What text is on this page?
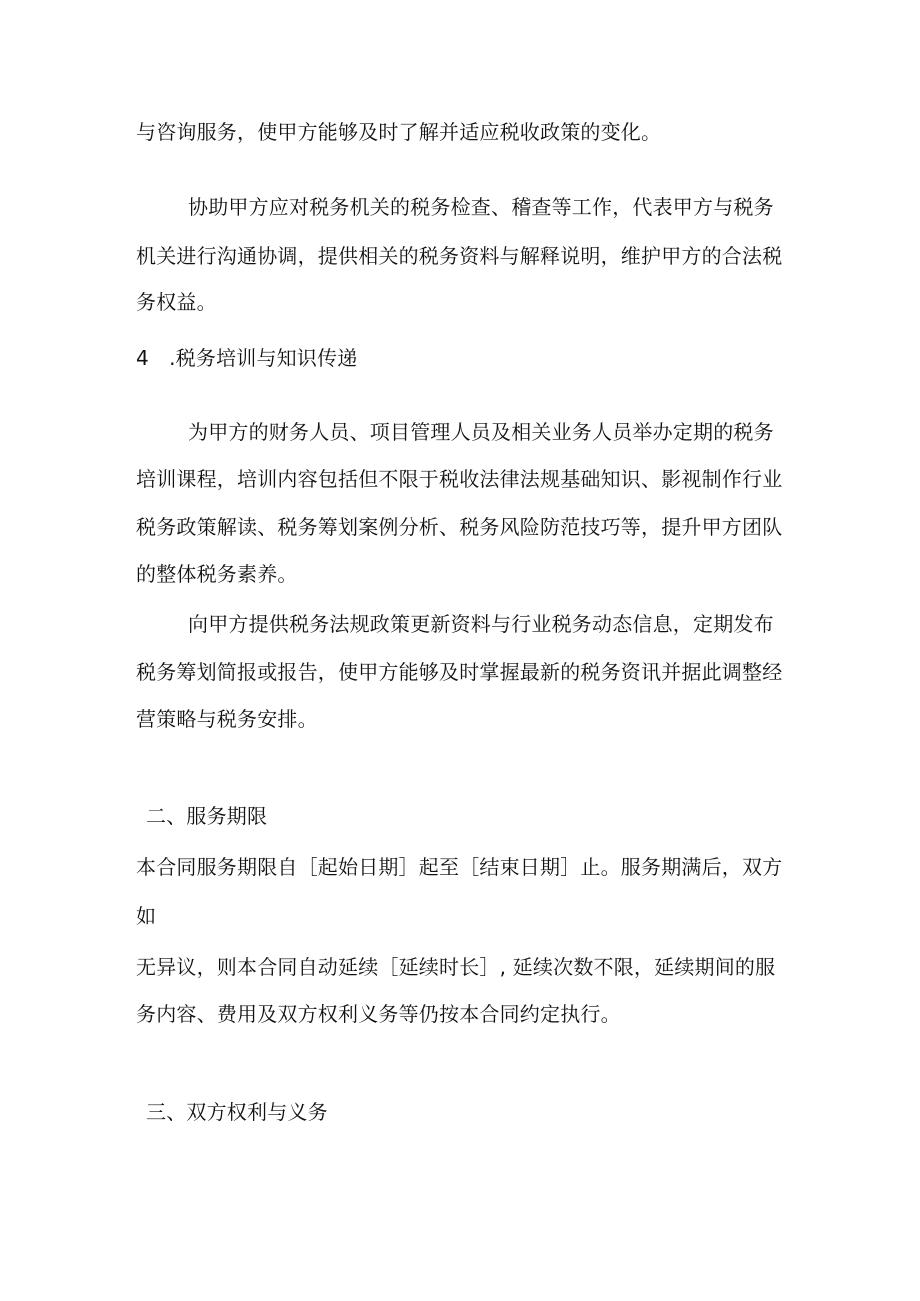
与咨询服务，使甲方能够及时了解并适应税收政策的变化。
协助甲方应对税务机关的税务检查、稽查等工作，代表甲方与税务
机关进行沟通协调，提供相关的税务资料与解释说明，维护甲方的合法税
务权益。
4　.税务培训与知识传递
为甲方的财务人员、项目管理人员及相关业务人员举办定期的税务
培训课程，培训内容包括但不限于税收法律法规基础知识、影视制作行业
税务政策解读、税务筹划案例分析、税务风险防范技巧等，提升甲方团队
的整体税务素养。
向甲方提供税务法规政策更新资料与行业税务动态信息，定期发布
税务筹划简报或报告，使甲方能够及时掌握最新的税务资讯并据此调整经
营策略与税务安排。
二、服务期限
本合同服务期限自［起始日期］起至［结束日期］止。服务期满后，双方
如
无异议，则本合同自动延续［延续时长］, 延续次数不限，延续期间的服
务内容、费用及双方权利义务等仍按本合同约定执行。
三、双方权利与义务
